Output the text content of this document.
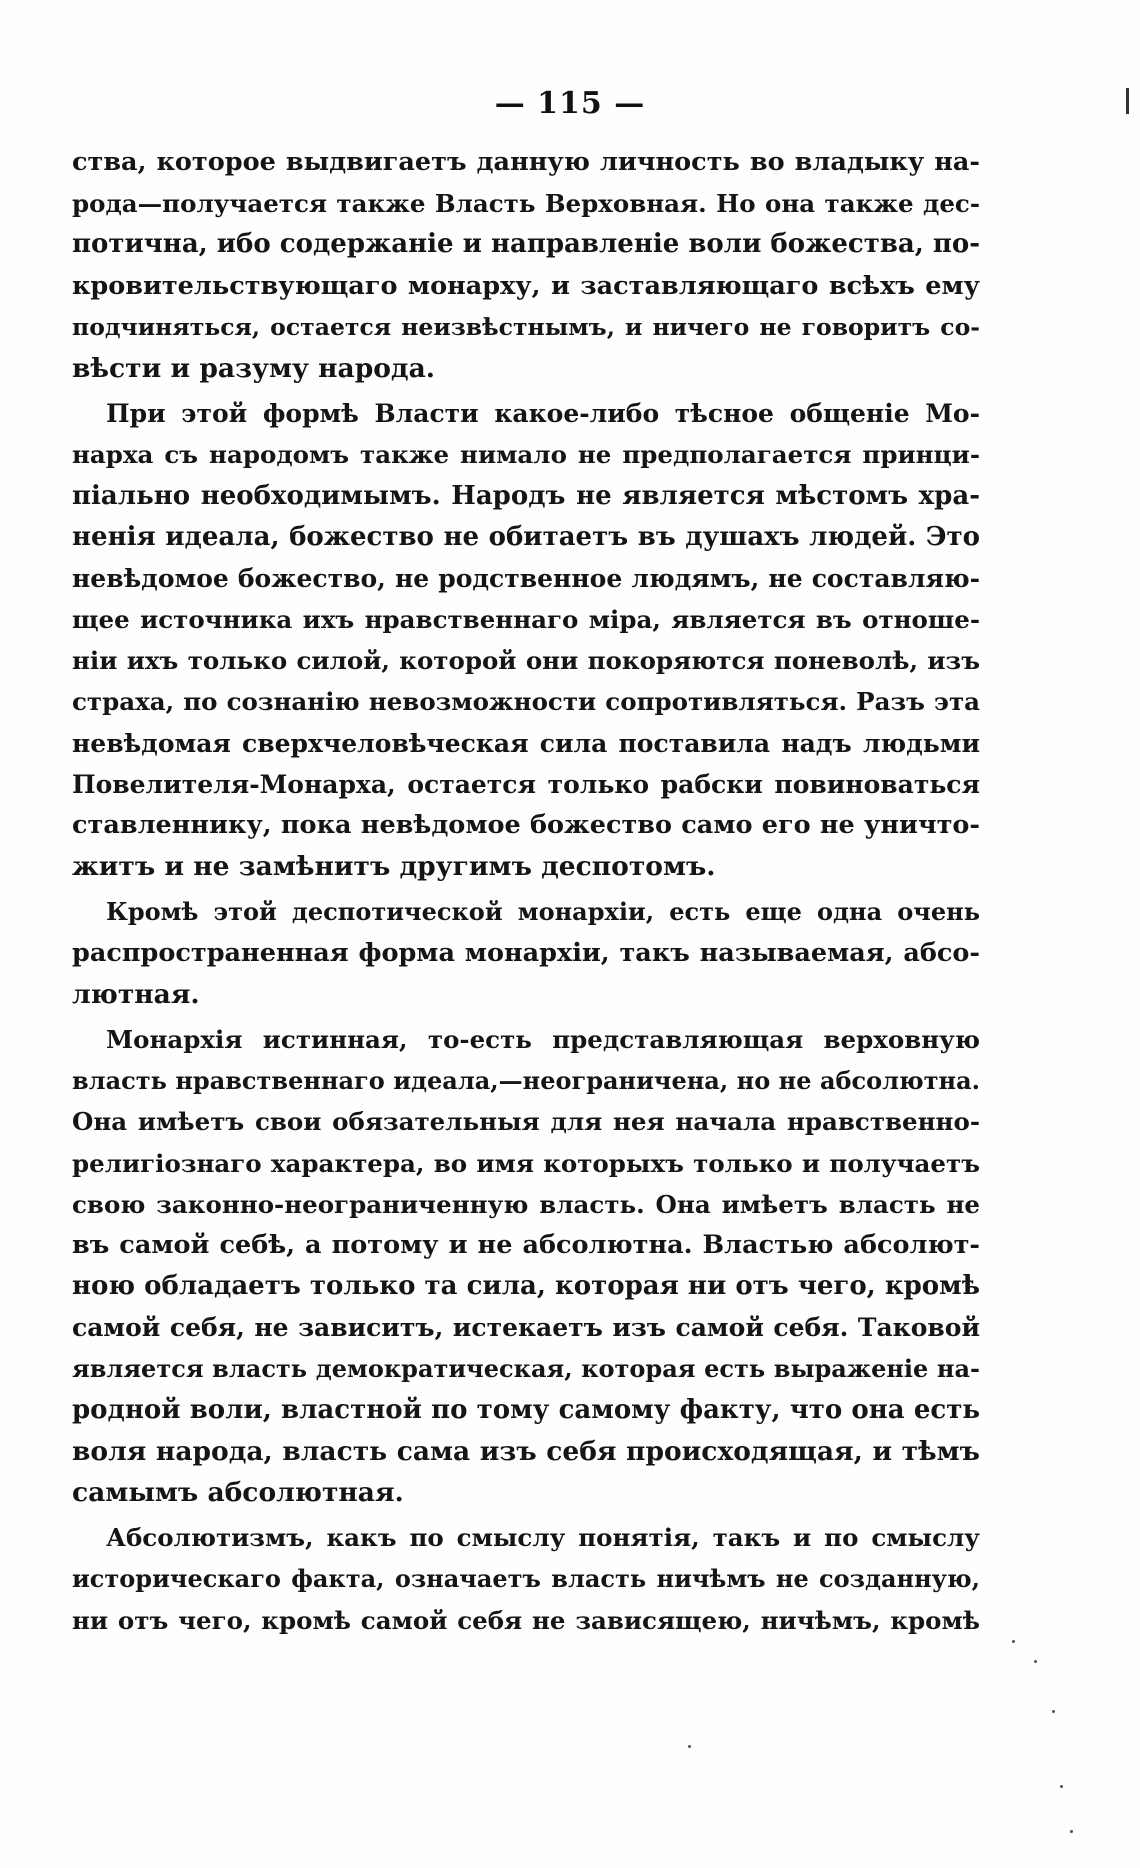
— 115 —
ства, которое выдвигаетъ данную личность во владыку на-
рода—получается также Власть Верховная. Но она также дес-
потична, ибо содержаніе и направленіе воли божества, по-
кровительствующаго монарху, и заставляющаго всѣхъ ему
подчиняться, остается неизвѣстнымъ, и ничего не говоритъ со-
вѣсти и разуму народа.
При этой формѣ Власти какое-либо тѣсное общеніе Мо-
нарха съ народомъ также нимало не предполагается принци-
піально необходимымъ. Народъ не является мѣстомъ хра-
ненія идеала, божество не обитаетъ въ душахъ людей. Это
невѣдомое божество, не родственное людямъ, не составляю-
щее источника ихъ нравственнаго міра, является въ отноше-
ніи ихъ только силой, которой они покоряются поневолѣ, изъ
страха, по сознанію невозможности сопротивляться. Разъ эта
невѣдомая сверхчеловѣческая сила поставила надъ людьми
Повелителя-Монарха, остается только рабски повиноваться
ставленнику, пока невѣдомое божество само его не уничто-
житъ и не замѣнитъ другимъ деспотомъ.
Кромѣ этой деспотической монархіи, есть еще одна очень
распространенная форма монархіи, такъ называемая, абсо-
лютная.
Монархія истинная, то-есть представляющая верховную
власть нравственнаго идеала,—неограничена, но не абсолютна.
Она имѣетъ свои обязательныя для нея начала нравственно-
религіознаго характера, во имя которыхъ только и получаетъ
свою законно-неограниченную власть. Она имѣетъ власть не
въ самой себѣ, а потому и не абсолютна. Властью абсолют-
ною обладаетъ только та сила, которая ни отъ чего, кромѣ
самой себя, не зависитъ, истекаетъ изъ самой себя. Таковой
является власть демократическая, которая есть выраженіе на-
родной воли, властной по тому самому факту, что она есть
воля народа, власть сама изъ себя происходящая, и тѣмъ
самымъ абсолютная.
Абсолютизмъ, какъ по смыслу понятія, такъ и по смыслу
историческаго факта, означаетъ власть ничѣмъ не созданную,
ни отъ чего, кромѣ самой себя не зависящею, ничѣмъ, кромѣ
